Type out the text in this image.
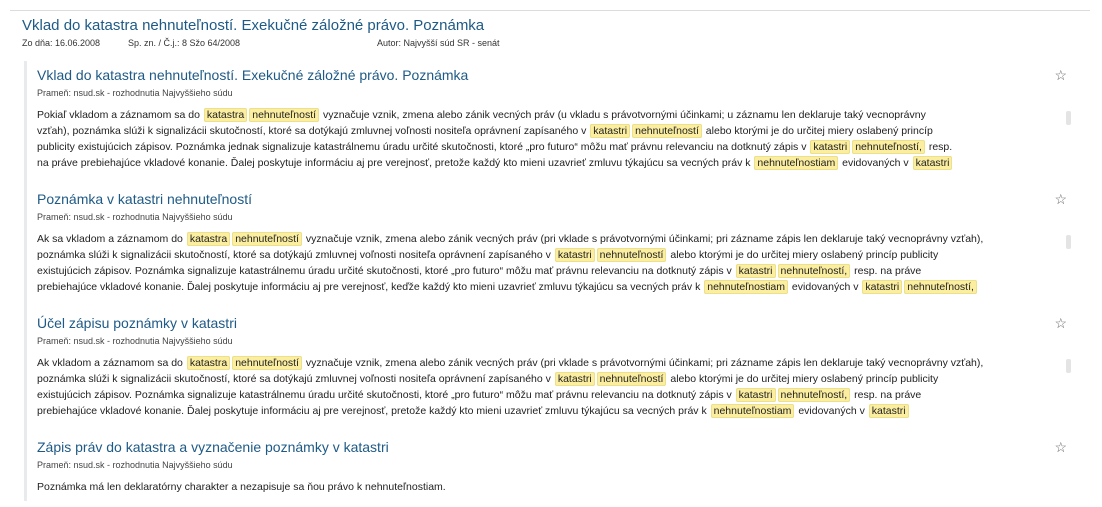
Vklad do katastra nehnuteľností. Exekučné záložné právo. Poznámka
Zo dňa: 16.06.2008	Sp. zn. / Č.j.: 8 Sžo 64/2008	Autor: Najvyšší súd SR - senát
Vklad do katastra nehnuteľností. Exekučné záložné právo. Poznámka
Prameň: nsud.sk - rozhodnutia Najvyššieho súdu
Pokiaľ vkladom a záznamom sa do katastra nehnuteľností vyznačuje vznik, zmena alebo zánik vecných práv (u vkladu s právotvornými účinkami; u záznamu len deklaruje taký vecnoprávny
vzťah), poznámka slúži k signalizácii skutočností, ktoré sa dotýkajú zmluvnej voľnosti nositeľa oprávnení zapísaného v katastri nehnuteľností alebo ktorými je do určitej miery oslabený princíp
publicity existujúcich zápisov. Poznámka jednak signalizuje katastrálnemu úradu určité skutočnosti, ktoré „pro futuro“ môžu mať právnu relevanciu na dotknutý zápis v katastri nehnuteľností, resp.
na práve prebiehajúce vkladové konanie. Ďalej poskytuje informáciu aj pre verejnosť, pretože každý kto mieni uzavrieť zmluvu týkajúcu sa vecných práv k nehnuteľnostiam evidovaných v katastri
☆
Poznámka v katastri nehnuteľností
Prameň: nsud.sk - rozhodnutia Najvyššieho súdu
Ak sa vkladom a záznamom do katastra nehnuteľností vyznačuje vznik, zmena alebo zánik vecných práv (pri vklade s právotvornými účinkami; pri zázname zápis len deklaruje taký vecnoprávny vzťah),
poznámka slúži k signalizácii skutočností, ktoré sa dotýkajú zmluvnej voľnosti nositeľa oprávnení zapísaného v katastri nehnuteľností alebo ktorými je do určitej miery oslabený princíp publicity
existujúcich zápisov. Poznámka signalizuje katastrálnemu úradu určité skutočnosti, ktoré „pro futuro“ môžu mať právnu relevanciu na dotknutý zápis v katastri nehnuteľností, resp. na práve
prebiehajúce vkladové konanie. Ďalej poskytuje informáciu aj pre verejnosť, keďže každý kto mieni uzavrieť zmluvu týkajúcu sa vecných práv k nehnuteľnostiam evidovaných v katastri nehnuteľností,
☆
Účel zápisu poznámky v katastri
Prameň: nsud.sk - rozhodnutia Najvyššieho súdu
Ak vkladom a záznamom sa do katastra nehnuteľností vyznačuje vznik, zmena alebo zánik vecných práv (pri vklade s právotvornými účinkami; pri zázname zápis len deklaruje taký vecnoprávny vzťah),
poznámka slúži k signalizácii skutočností, ktoré sa dotýkajú zmluvnej voľnosti nositeľa oprávnení zapísaného v katastri nehnuteľností alebo ktorými je do určitej miery oslabený princíp publicity
existujúcich zápisov. Poznámka signalizuje katastrálnemu úradu určité skutočnosti, ktoré „pro futuro“ môžu mať právnu relevanciu na dotknutý zápis v katastri nehnuteľností, resp. na práve
prebiehajúce vkladové konanie. Ďalej poskytuje informáciu aj pre verejnosť, pretože každý kto mieni uzavrieť zmluvu týkajúcu sa vecných práv k nehnuteľnostiam evidovaných v katastri
☆
Zápis práv do katastra a vyznačenie poznámky v katastri
Prameň: nsud.sk - rozhodnutia Najvyššieho súdu
Poznámka má len deklaratórny charakter a nezapisuje sa ňou právo k nehnuteľnostiam.
☆
